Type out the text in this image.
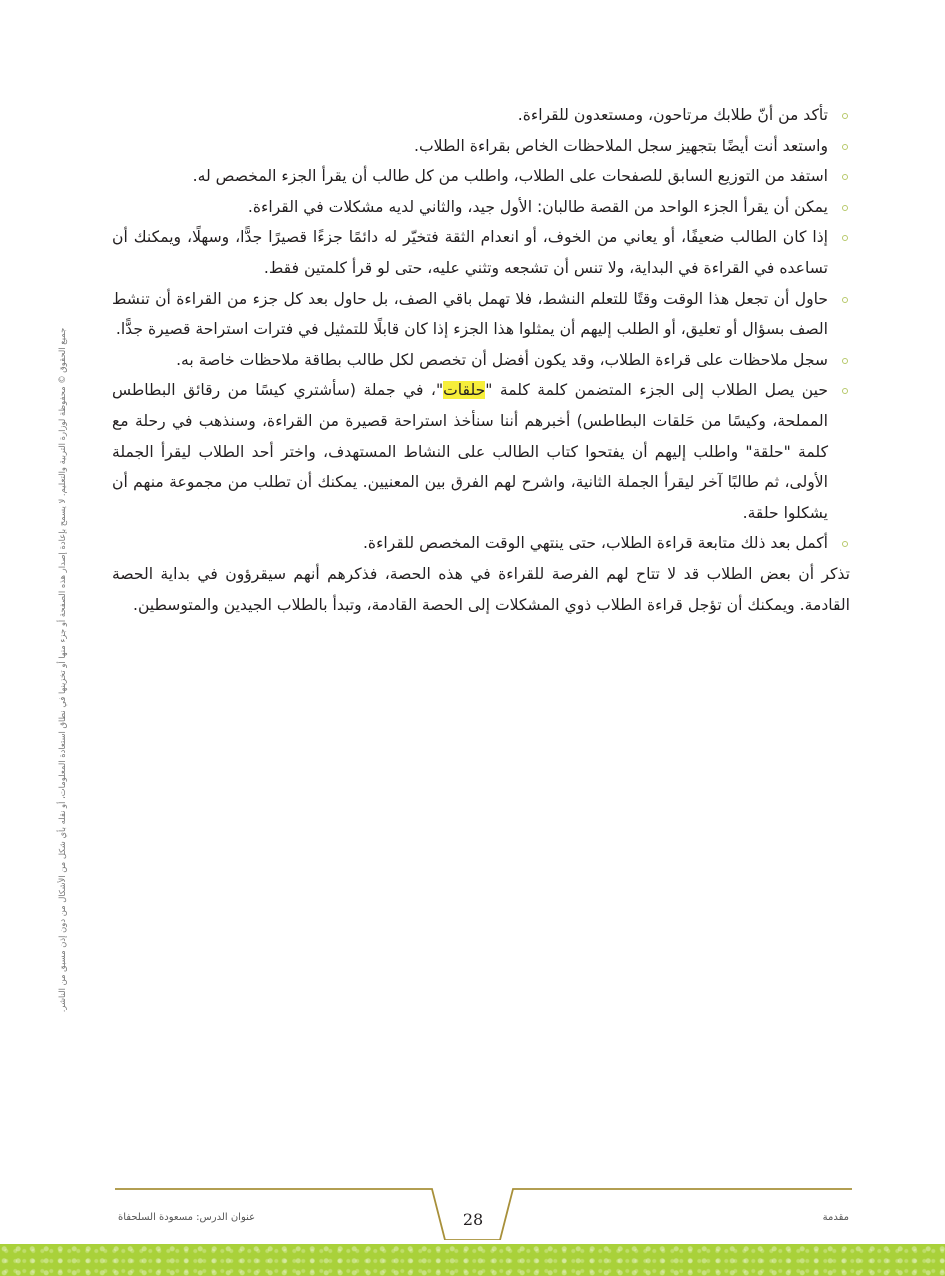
تأكد من أنّ طلابك مرتاحون، ومستعدون للقراءة.
واستعد أنت أيضًا بتجهيز سجل الملاحظات الخاص بقراءة الطلاب.
استفد من التوزيع السابق للصفحات على الطلاب، واطلب من كل طالب أن يقرأ الجزء المخصص له.
يمكن أن يقرأ الجزء الواحد من القصة طالبان: الأول جيد، والثاني لديه مشكلات في القراءة.
إذا كان الطالب ضعيفًا، أو يعاني من الخوف، أو انعدام الثقة فتخيّر له دائمًا جزءًا قصيرًا جدًّا، وسهلًا، ويمكنك أن تساعده في القراءة في البداية، ولا تنس أن تشجعه وتثني عليه، حتى لو قرأ كلمتين فقط.
حاول أن تجعل هذا الوقت وقتًا للتعلم النشط، فلا تهمل باقي الصف، بل حاول بعد كل جزء من القراءة أن تنشط الصف بسؤال أو تعليق، أو الطلب إليهم أن يمثلوا هذا الجزء إذا كان قابلًا للتمثيل في فترات استراحة قصيرة جدًّا.
سجل ملاحظات على قراءة الطلاب، وقد يكون أفضل أن تخصص لكل طالب بطاقة ملاحظات خاصة به.
حين يصل الطلاب إلى الجزء المتضمن كلمة كلمة "حلقات"، في جملة (سأشتري كيسًا من رقائق البطاطس المملحة، وكيسًا من حَلقات البطاطس) أخبرهم أننا سنأخذ استراحة قصيرة من القراءة، وسنذهب في رحلة مع كلمة "حلقة" واطلب إليهم أن يفتحوا كتاب الطالب على النشاط المستهدف، واختر أحد الطلاب ليقرأ الجملة الأولى، ثم طالبًا آخر ليقرأ الجملة الثانية، واشرح لهم الفرق بين المعنيين. يمكنك أن تطلب من مجموعة منهم أن يشكلوا حلقة.
أكمل بعد ذلك متابعة قراءة الطلاب، حتى ينتهي الوقت المخصص للقراءة.

تذكر أن بعض الطلاب قد لا تتاح لهم الفرصة للقراءة في هذه الحصة، فذكرهم أنهم سيقرؤون في بداية الحصة القادمة. ويمكنك أن تؤجل قراءة الطلاب ذوي المشكلات إلى الحصة القادمة، وتبدأ بالطلاب الجيدين والمتوسطين.

جميع الحقوق © محفوظة لوزارة التربية والتعليم. لا يسمح بإعادة إصدار هذه الصفحة أو جزء منها أو تخزينها في نطاق استعادة المعلومات، أو نقله بأي شكل من الأشكال من دون إذن مسبق من الناشر.
عنوان الدرس: مسعودة السلحفاة	28	مقدمة
